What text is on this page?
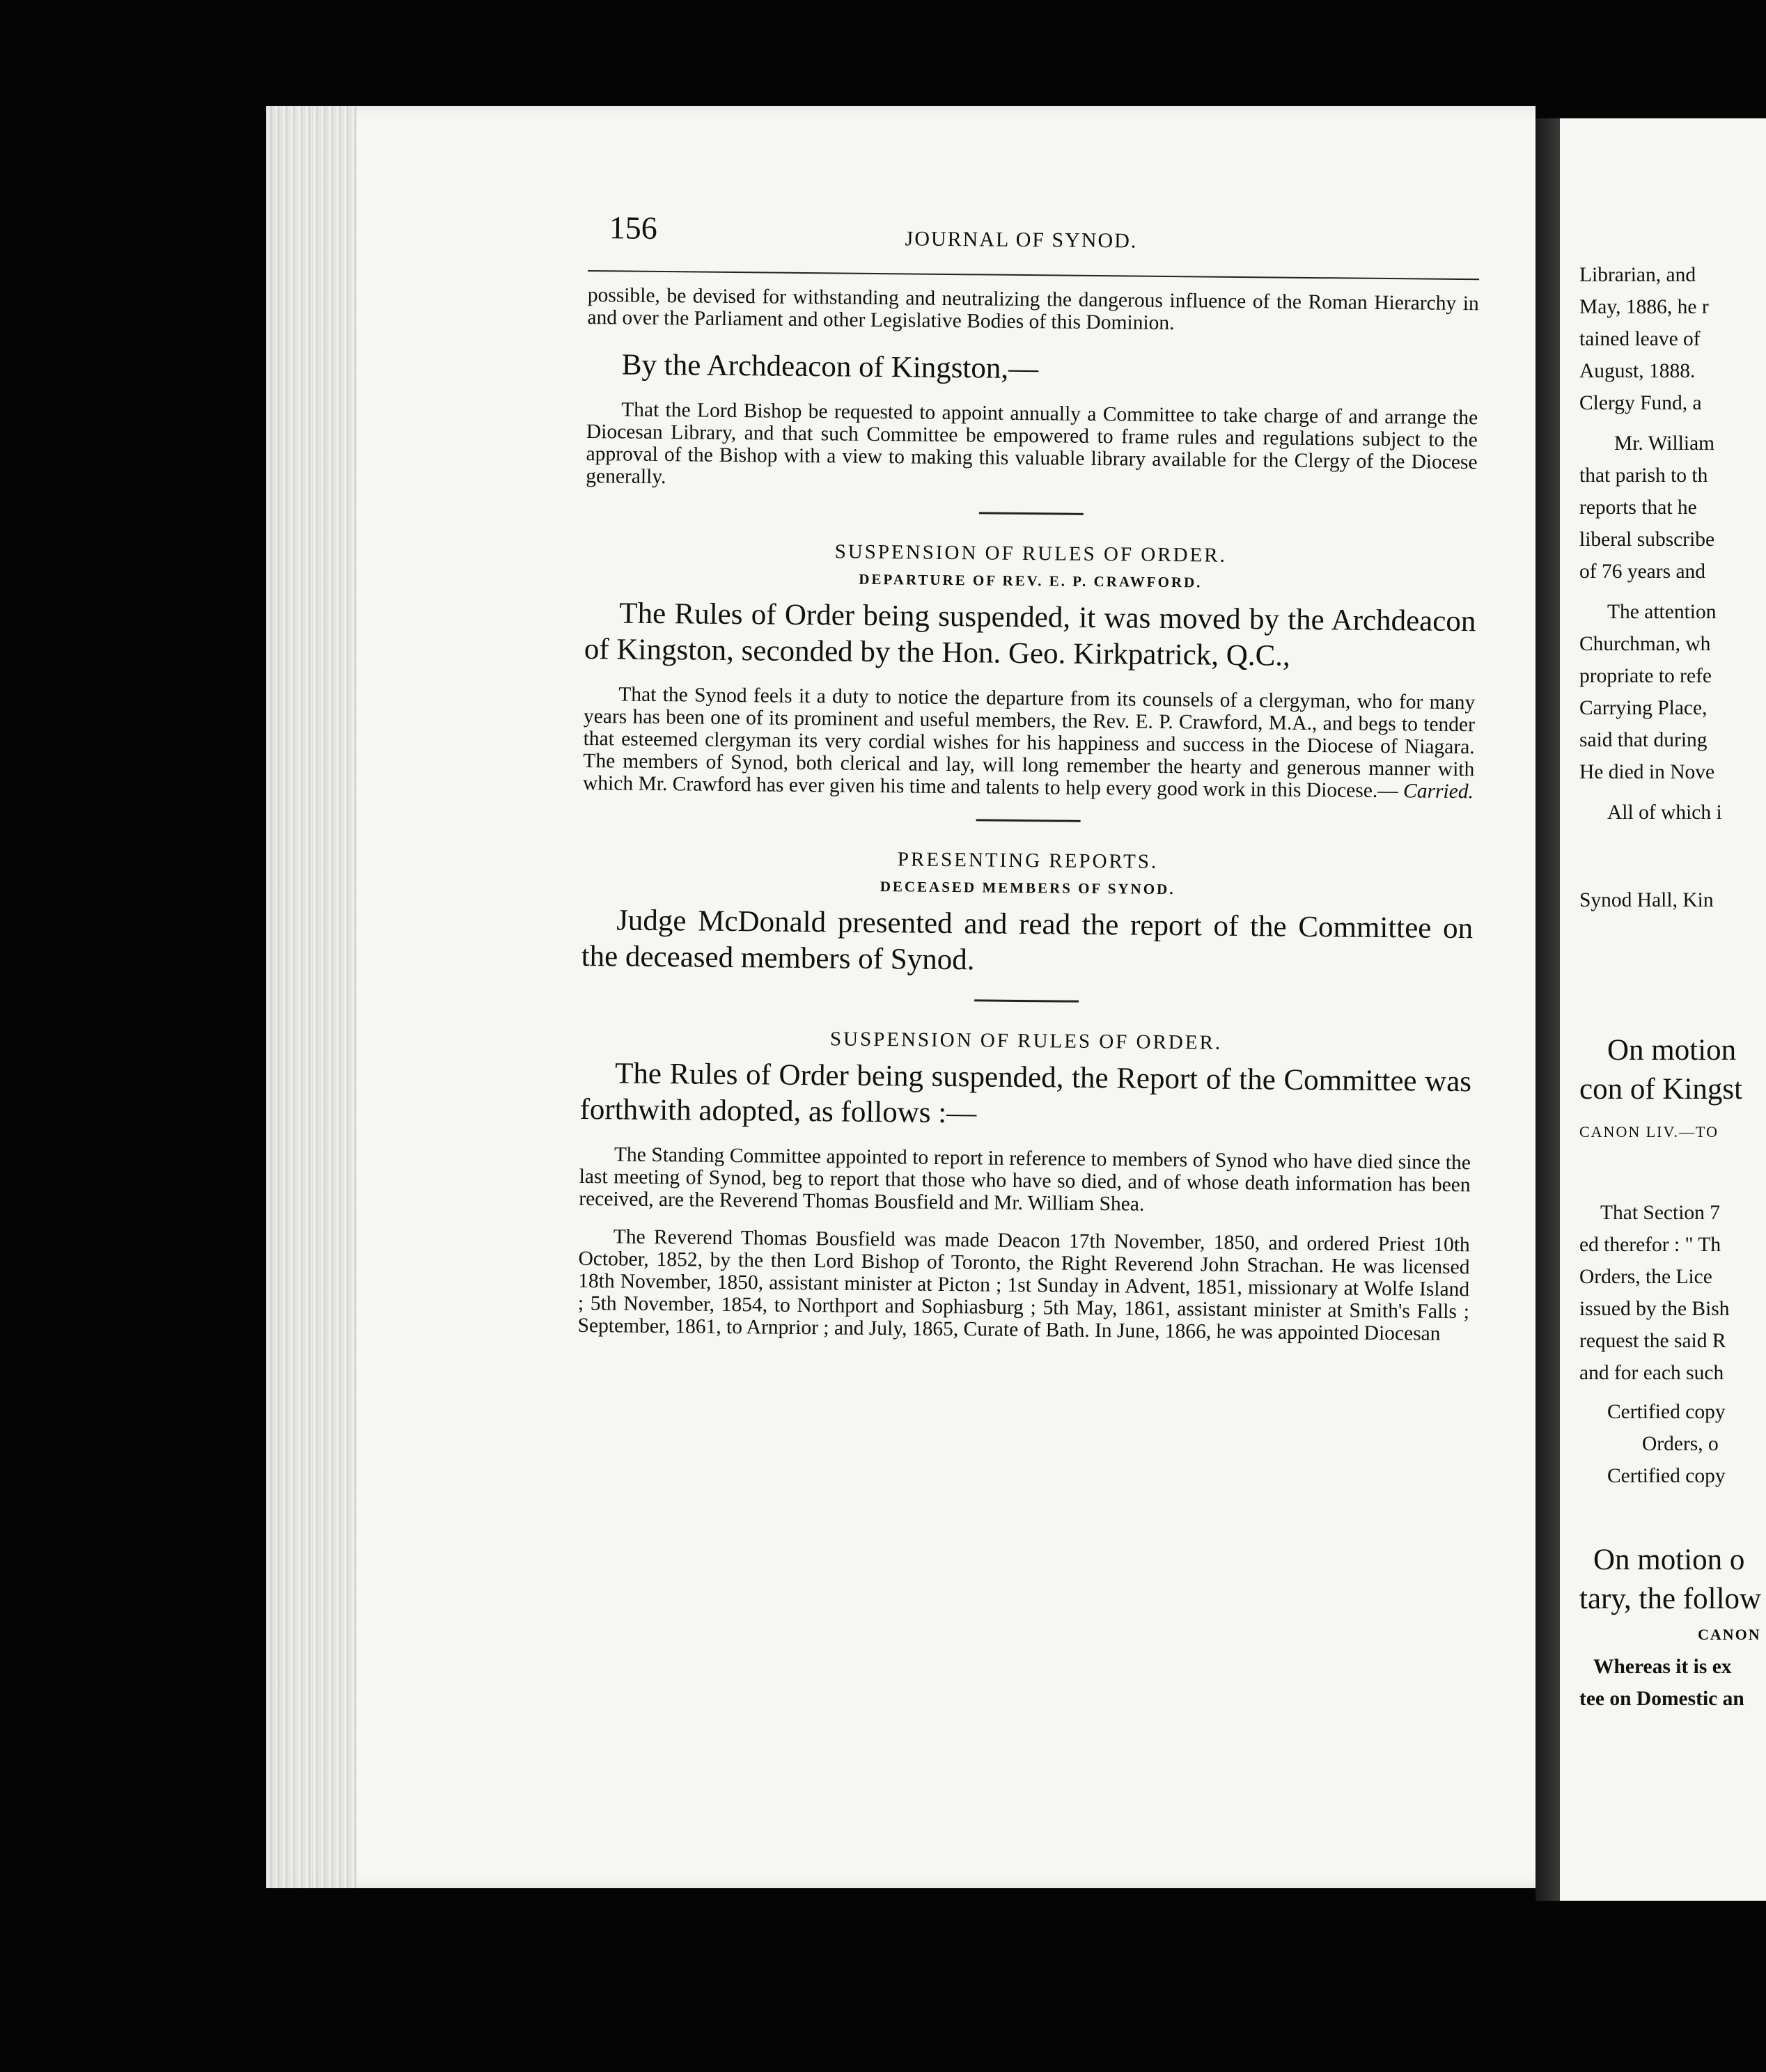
156	JOURNAL OF SYNOD.

possible, be devised for withstanding and neutralizing the dangerous influence of the Roman Hierarchy in and over the Parliament and other Legislative Bodies of this Dominion.

By the Archdeacon of Kingston,—

That the Lord Bishop be requested to appoint annually a Committee to take charge of and arrange the Diocesan Library, and that such Committee be empowered to frame rules and regulations subject to the approval of the Bishop with a view to making this valuable library available for the Clergy of the Diocese generally.

SUSPENSION OF RULES OF ORDER.

DEPARTURE OF REV. E. P. CRAWFORD.

The Rules of Order being suspended, it was moved by the Archdeacon of Kingston, seconded by the Hon. Geo. Kirkpatrick, Q.C.,

That the Synod feels it a duty to notice the departure from its counsels of a clergyman, who for many years has been one of its prominent and useful members, the Rev. E. P. Crawford, M.A., and begs to tender that esteemed clergyman its very cordial wishes for his happiness and success in the Diocese of Niagara. The members of Synod, both clerical and lay, will long remember the hearty and generous manner with which Mr. Crawford has ever given his time and talents to help every good work in this Diocese.— Carried.

PRESENTING REPORTS.

DECEASED MEMBERS OF SYNOD.

Judge McDonald presented and read the report of the Committee on the deceased members of Synod.

SUSPENSION OF RULES OF ORDER.

The Rules of Order being suspended, the Report of the Committee was forthwith adopted, as follows :—

The Standing Committee appointed to report in reference to members of Synod who have died since the last meeting of Synod, beg to report that those who have so died, and of whose death information has been received, are the Reverend Thomas Bousfield and Mr. William Shea.

The Reverend Thomas Bousfield was made Deacon 17th November, 1850, and ordered Priest 10th October, 1852, by the then Lord Bishop of Toronto, the Right Reverend John Strachan. He was licensed 18th November, 1850, assistant minister at Picton ; 1st Sunday in Advent, 1851, missionary at Wolfe Island ; 5th November, 1854, to Northport and Sophiasburg ; 5th May, 1861, assistant minister at Smith's Falls ; September, 1861, to Arnprior ; and July, 1865, Curate of Bath. In June, 1866, he was appointed Diocesan

Librarian, and

May, 1886, he r

tained leave of

August, 1888.

Clergy Fund, a

Mr. William

that parish to th

reports that he

liberal subscribe

of 76 years and

The attention

Churchman, wh

propriate to refe

Carrying Place,

said that during

He died in Nove

All of which i

Synod Hall, Kin

On motion

con of Kingst

CANON LIV.—TO

That Section 7

ed therefor : " Th

Orders, the Lice

issued by the Bish

request the said R

and for each such

Certified copy

Orders, o

Certified copy

On motion o

tary, the follow

CANON

Whereas it is ex

tee on Domestic an
